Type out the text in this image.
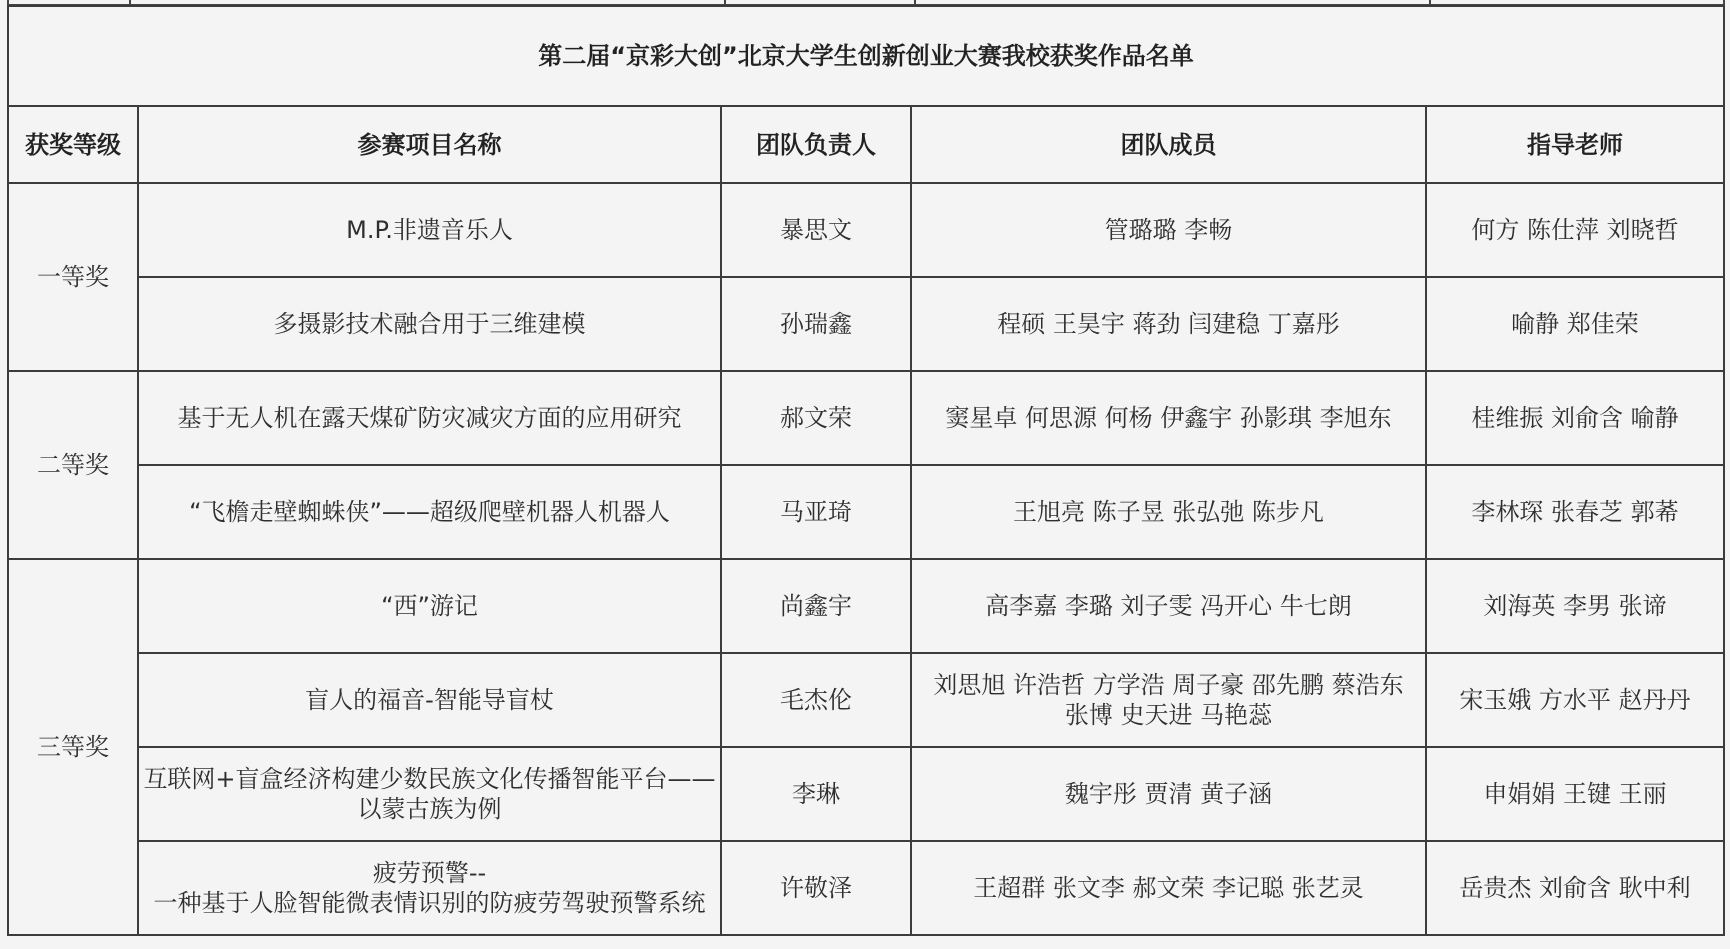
第二届“京彩大创”北京大学生创新创业大赛我校获奖作品名单				
获奖等级	参赛项目名称	团队负责人	团队成员	指导老师
一等奖	M.P.非遗音乐人	暴思文	管璐璐 李畅	何方 陈仕萍 刘晓哲
	多摄影技术融合用于三维建模	孙瑞鑫	程硕 王昊宇 蒋劲 闫建稳 丁嘉彤	喻静 郑佳荣
二等奖	基于无人机在露天煤矿防灾减灾方面的应用研究	郝文荣	窦星卓 何思源 何杨 伊鑫宇 孙影琪 李旭东	桂维振 刘俞含 喻静
	“飞檐走壁蜘蛛侠”——超级爬壁机器人机器人	马亚琦	王旭亮 陈子昱 张弘弛 陈步凡	李林琛 张春芝 郭莃
三等奖	“西”游记	尚鑫宇	高李嘉 李璐 刘子雯 冯开心 牛七朗	刘海英 李男 张谛
	盲人的福音-智能导盲杖	毛杰伦	刘思旭 许浩哲 方学浩 周子豪 邵先鹏 蔡浩东 张博 史天进 马艳蕊	宋玉娥 方水平 赵丹丹
	互联网+盲盒经济构建少数民族文化传播智能平台——以蒙古族为例	李琳	魏宇彤 贾清 黄子涵	申娟娟 王键 王丽
	疲劳预警--一种基于人脸智能微表情识别的防疲劳驾驶预警系统	许敬泽	王超群 张文李 郝文荣 李记聪 张艺灵	岳贵杰 刘俞含 耿中利
